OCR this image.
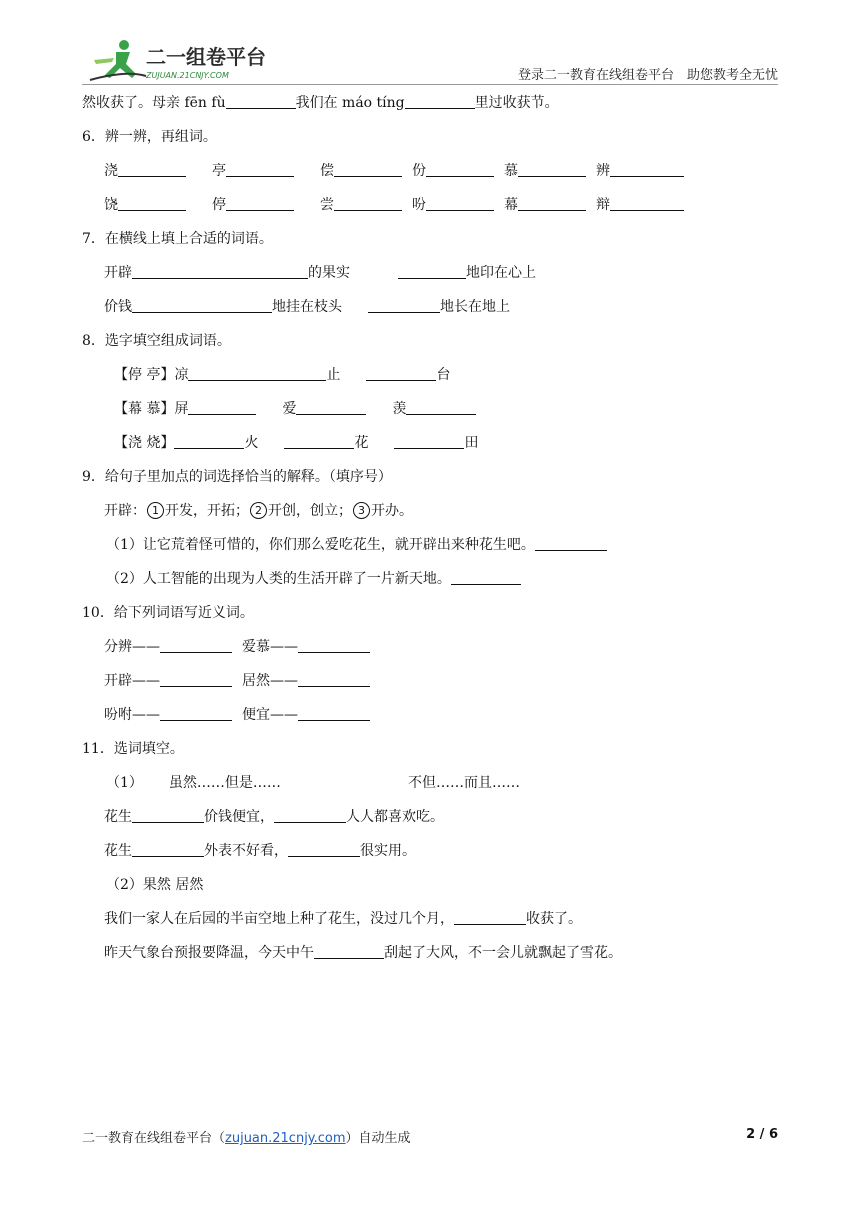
二一组卷平台
ZUJUAN.21CNJY.COM	登录二一教育在线组卷平台　助您教考全无忧
然收获了。母亲 fēn fù	我们在 máo tíng	里过收获节。
6．辨一辨，再组词。
浇	亭	偿	份	慕	辨
饶	停	尝	吩	幕	辩
7．在横线上填上合适的词语。
开辟	的果实	地印在心上
价钱	地挂在枝头	地长在地上
8．选字填空组成词语。
【停 亭】凉	止	台
【幕 慕】屏	爱	羡
【浇 烧】	火	花	田
9．给句子里加点的词选择恰当的解释。（填序号）
开辟： 1 开发，开拓； 2 开创，创立； 3 开办。
（1）让它荒着怪可惜的，你们那么爱吃花生，就开辟出来种花生吧。
（2）人工智能的出现为人类的生活开辟了一片新天地。
10．给下列词语写近义词。
分辨——	爱慕——
开辟——	居然——
吩咐——	便宜——
11．选词填空。
（1） 虽然……但是……	不但……而且……
花生	价钱便宜，	人人都喜欢吃。
花生	外表不好看，	很实用。
（2）果然 居然
我们一家人在后园的半亩空地上种了花生，没过几个月，	收获了。
昨天气象台预报要降温，今天中午	刮起了大风，不一会儿就飘起了雪花。
二一教育在线组卷平台（zujuan.21cnjy.com）自动生成	2 / 6
